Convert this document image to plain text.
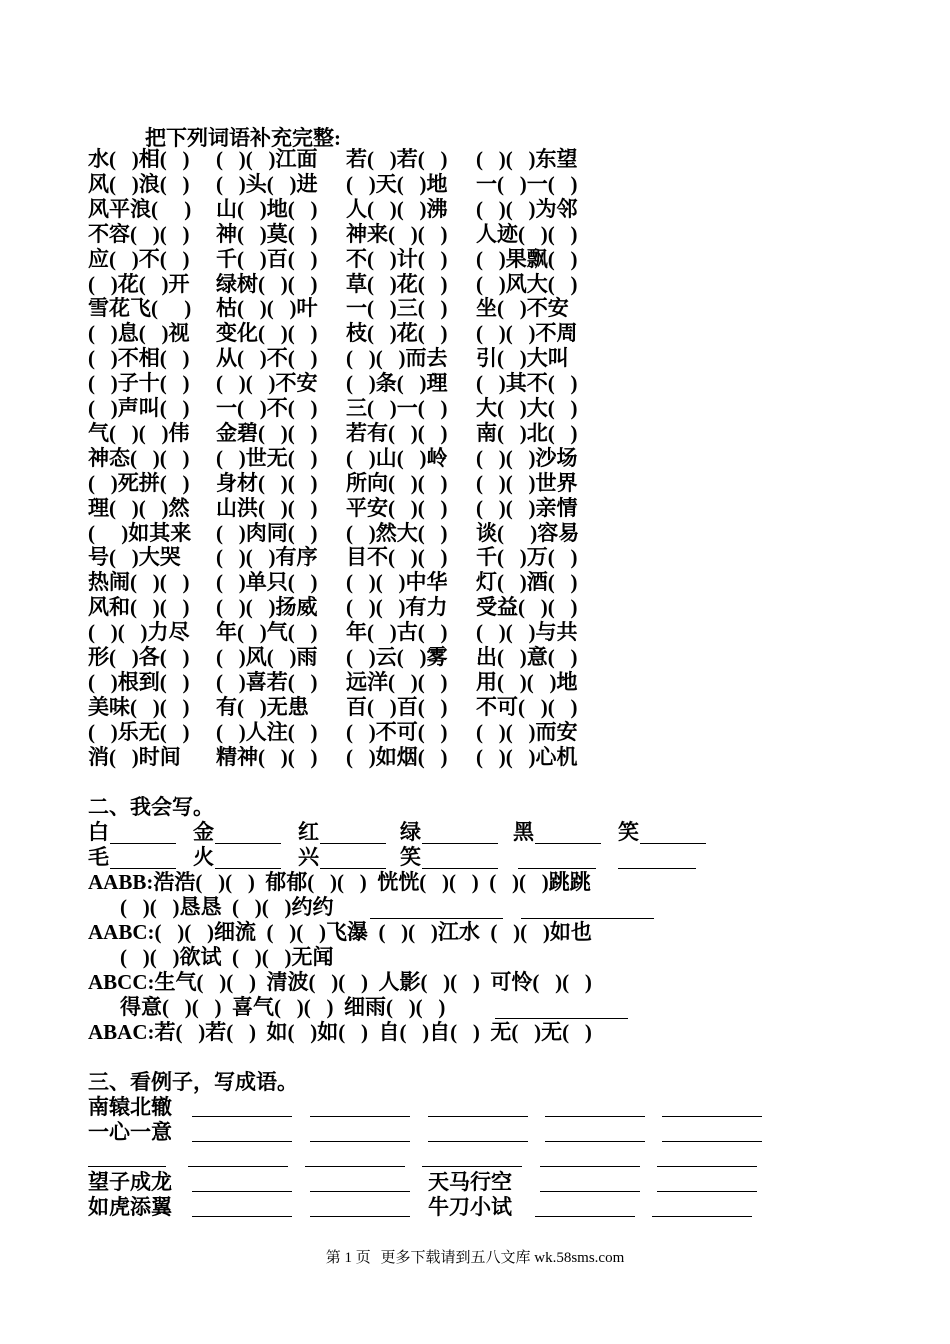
把下列词语补充完整:
水(   )相(   ) (   )(   )江面 若(   )若(   ) (   )(   )东望
风(   )浪(   ) (   )头(   )进 (   )天(   )地 一(   )一(   )
风平浪(     ) 山(   )地(   ) 人(   )(   )沸 (   )(   )为邻
不容(   )(   ) 神(   )莫(   ) 神来(   )(   ) 人迹(   )(   )
应(   )不(   ) 千(   )百(   ) 不(   )计(   ) (   )果飘(   )
(   )花(   )开 绿树(   )(   ) 草(   )花(   ) (   )风大(   )
雪花飞(     ) 枯(   )(   )叶 一(   )三(   ) 坐(   )不安
(   )息(   )视 变化(   )(   ) 枝(   )花(   ) (   )(   )不周
(   )不相(   ) 从(   )不(   ) (   )(   )而去 引(   )大叫
(   )子十(   ) (   )(   )不安 (   )条(   )理 (   )其不(   )
(   )声叫(   ) 一(   )不(   ) 三(   )一(   ) 大(   )大(   )
气(   )(   )伟 金碧(   )(   ) 若有(   )(   ) 南(   )北(   )
神态(   )(   ) (   )世无(   ) (   )山(   )岭 (   )(   )沙场
(   )死拼(   ) 身材(   )(   ) 所向(   )(   ) (   )(   )世界
理(   )(   )然 山洪(   )(   ) 平安(   )(   ) (   )(   )亲情
(     )如其来 (   )肉同(   ) (   )然大(   ) 谈(     )容易
号(   )大哭 (   )(   )有序 目不(   )(   ) 千(   )万(   )
热闹(   )(   ) (   )单只(   ) (   )(   )中华 灯(   )酒(   )
风和(   )(   ) (   )(   )扬威 (   )(   )有力 受益(   )(   )
(   )(   )力尽 年(   )气(   ) 年(   )古(   ) (   )(   )与共
形(   )各(   ) (   )风(   )雨 (   )云(   )雾 出(   )意(   )
(   )根到(   ) (   )喜若(   ) 远洋(   )(   ) 用(   )(   )地
美味(   )(   ) 有(   )无患 百(   )百(   ) 不可(   )(   )
(   )乐无(   ) (   )人注(   ) (   )不可(   ) (   )(   )而安
消(   )时间 精神(   )(   ) (   )如烟(   ) (   )(   )心机
二、我会写。
白	金	红	绿	黑	笑
毛	火	兴	笑
AABB:浩浩(   )(   )  郁郁(   )(   )  恍恍(   )(   )  (   )(   )跳跳
(   )(   )恳恳  (   )(   )约约
AABC:(   )(   )细流  (   )(   )飞瀑  (   )(   )江水  (   )(   )如也
(   )(   )欲试  (   )(   )无闻
ABCC:生气(   )(   )  清波(   )(   )  人影(   )(   )  可怜(   )(   )
得意(   )(   )  喜气(   )(   )  细雨(   )(   )
ABAC:若(   )若(   )  如(   )如(   )  自(   )自(   )  无(   )无(   )
三、看例子，写成语。
南辕北辙
一心一意
望子成龙	天马行空
如虎添翼	牛刀小试
第 1 页 更多下载请到五八文库 wk.58sms.com
